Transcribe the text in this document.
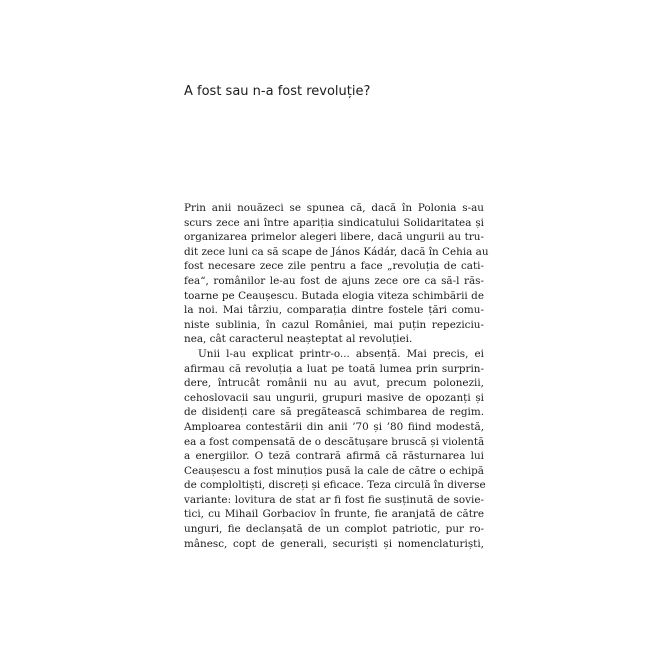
A fost sau n-a fost revoluție?
Prin anii nouăzeci se spunea că, dacă în Polonia s-au
scurs zece ani între apariția sindicatului Solidaritatea și
organizarea primelor alegeri libere, dacă ungurii au tru-
dit zece luni ca să scape de János Kádár, dacă în Cehia au
fost necesare zece zile pentru a face „revoluția de cati-
fea“, românilor le-au fost de ajuns zece ore ca să-l răs-
toarne pe Ceaușescu. Butada elogia viteza schimbării de
la noi. Mai târziu, comparația dintre fostele țări comu-
niste sublinia, în cazul României, mai puțin repeziciu-
nea, cât caracterul neașteptat al revoluției.
Unii l-au explicat printr-o... absență. Mai precis, ei
afirmau că revoluția a luat pe toată lumea prin surprin-
dere, întrucât românii nu au avut, precum polonezii,
cehoslovacii sau ungurii, grupuri masive de opozanți și
de disidenți care să pregătească schimbarea de regim.
Amploarea contestării din anii ’70 și ’80 fiind modestă,
ea a fost compensată de o descătușare bruscă și violentă
a energiilor. O teză contrară afirmă că răsturnarea lui
Ceaușescu a fost minuțios pusă la cale de către o echipă
de comploltiști, discreți și eficace. Teza circulă în diverse
variante: lovitura de stat ar fi fost fie susținută de sovie-
tici, cu Mihail Gorbaciov în frunte, fie aranjată de către
unguri, fie declanșată de un complot patriotic, pur ro-
mânesc, copt de generali, securiști și nomenclaturiști,
